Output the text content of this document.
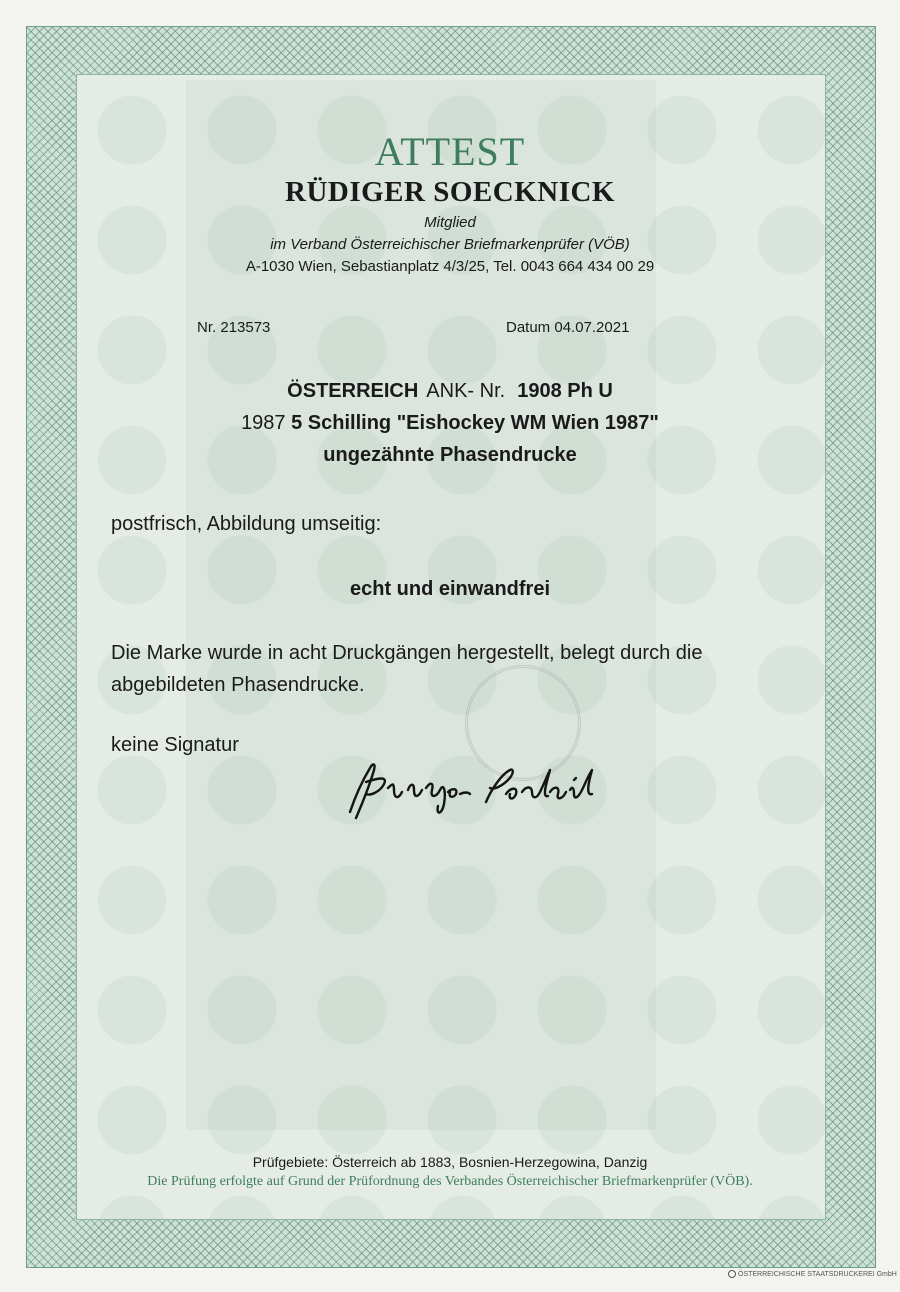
ATTEST
RÜDIGER SOECKNICK
Mitglied
im Verband Österreichischer Briefmarkenprüfer (VÖB)
A-1030 Wien, Sebastianplatz 4/3/25, Tel. 0043 664 434 00 29
Nr. 213573	Datum 04.07.2021
ÖSTERREICH ANK- Nr. 1908 Ph U
1987 5 Schilling "Eishockey WM Wien 1987"
ungezähnte Phasendrucke
postfrisch, Abbildung umseitig:
echt und einwandfrei
Die Marke wurde in acht Druckgängen hergestellt, belegt durch die abgebildeten Phasendrucke.
keine Signatur
Prüfgebiete: Österreich ab 1883, Bosnien-Herzegowina, Danzig
Die Prüfung erfolgte auf Grund der Prüfordnung des Verbandes Österreichischer Briefmarkenprüfer (VÖB).
ÖSTERREICHISCHE STAATSDRUCKEREI GmbH
